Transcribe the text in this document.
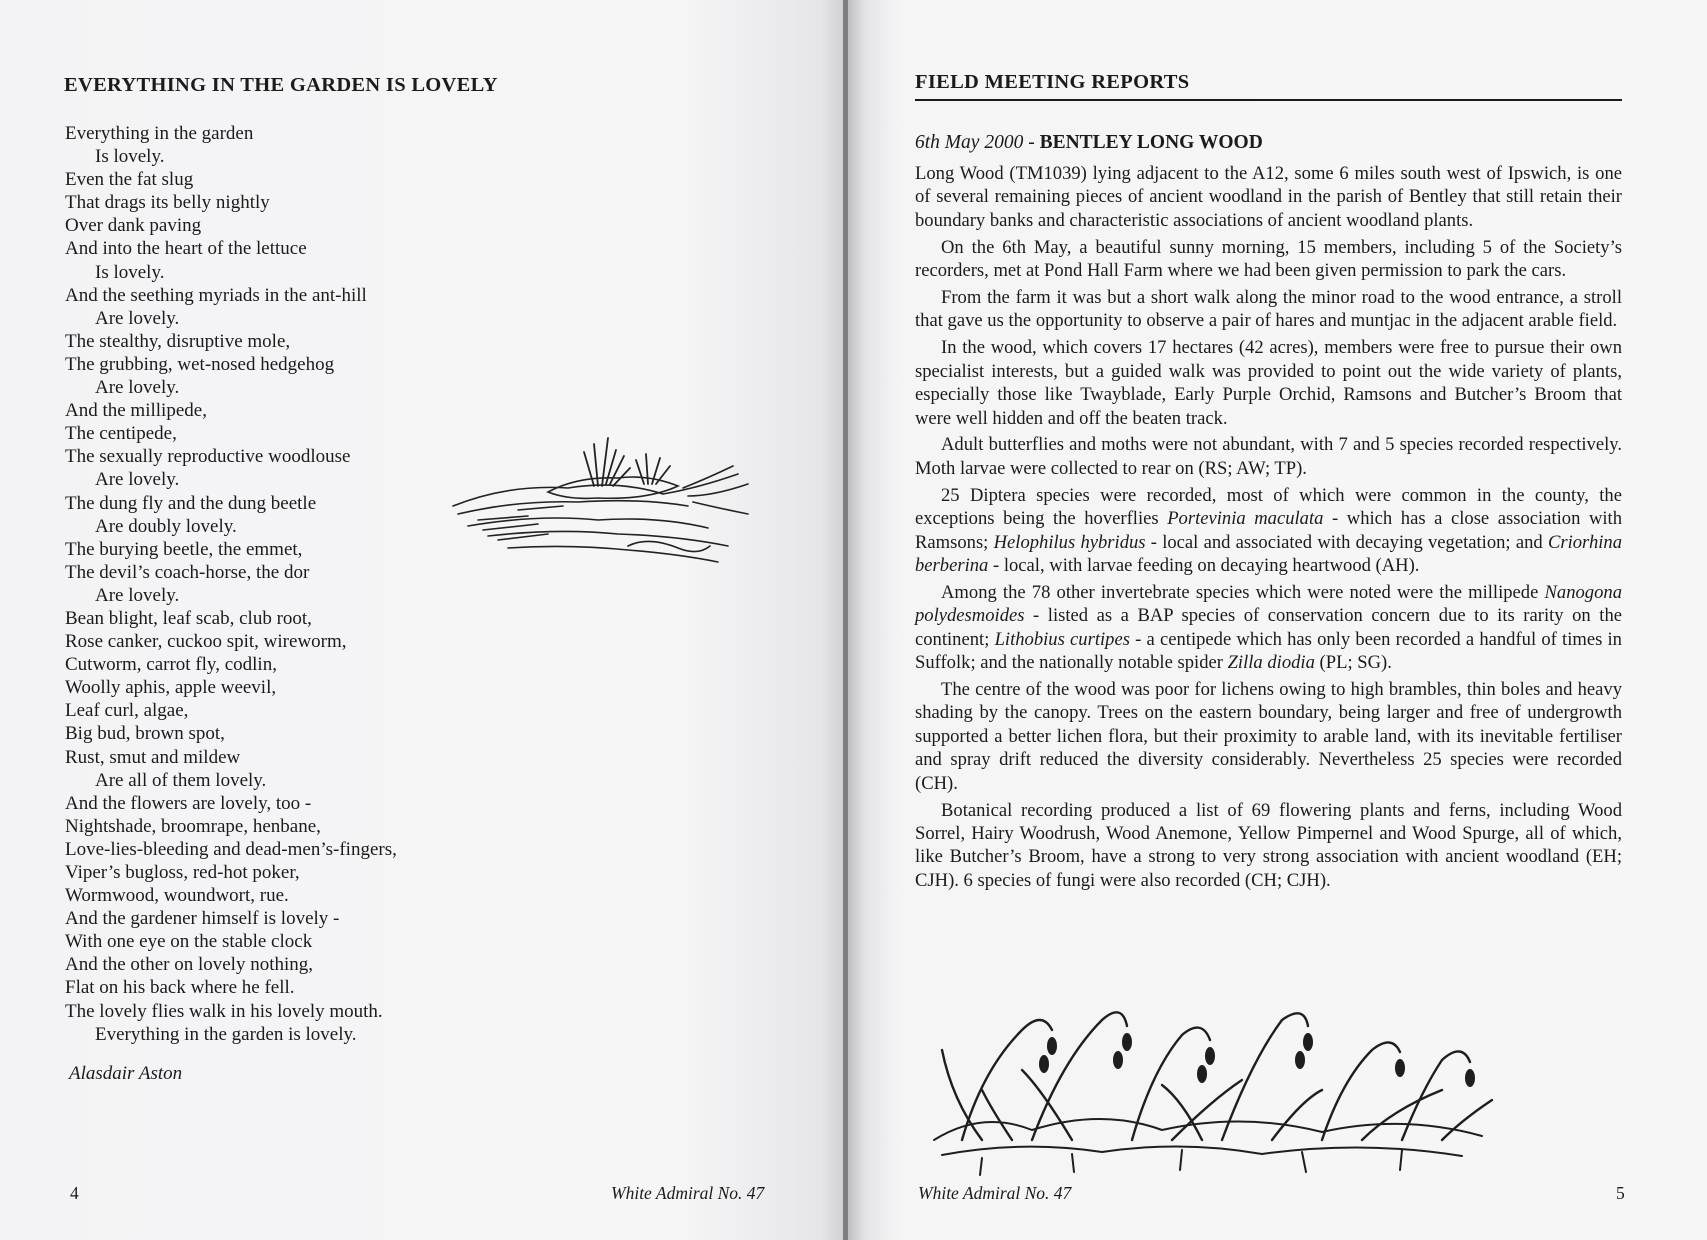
EVERYTHING IN THE GARDEN IS LOVELY
Everything in the garden
Is lovely.
Even the fat slug
That drags its belly nightly
Over dank paving
And into the heart of the lettuce
Is lovely.
And the seething myriads in the ant-hill
Are lovely.
The stealthy, disruptive mole,
The grubbing, wet-nosed hedgehog
Are lovely.
And the millipede,
The centipede,
The sexually reproductive woodlouse
Are lovely.
The dung fly and the dung beetle
Are doubly lovely.
The burying beetle, the emmet,
The devil’s coach-horse, the dor
Are lovely.
Bean blight, leaf scab, club root,
Rose canker, cuckoo spit, wireworm,
Cutworm, carrot fly, codlin,
Woolly aphis, apple weevil,
Leaf curl, algae,
Big bud, brown spot,
Rust, smut and mildew
Are all of them lovely.
And the flowers are lovely, too -
Nightshade, broomrape, henbane,
Love-lies-bleeding and dead-men’s-fingers,
Viper’s bugloss, red-hot poker,
Wormwood, woundwort, rue.
And the gardener himself is lovely -
With one eye on the stable clock
And the other on lovely nothing,
Flat on his back where he fell.
The lovely flies walk in his lovely mouth.
Everything in the garden is lovely.
Alasdair Aston
4	White Admiral No. 47
FIELD MEETING REPORTS
6th May 2000 - BENTLEY LONG WOOD

Long Wood (TM1039) lying adjacent to the A12, some 6 miles south west of Ipswich, is one of several remaining pieces of ancient woodland in the parish of Bentley that still retain their boundary banks and characteristic associations of ancient woodland plants.

On the 6th May, a beautiful sunny morning, 15 members, including 5 of the Society’s recorders, met at Pond Hall Farm where we had been given permission to park the cars.

From the farm it was but a short walk along the minor road to the wood entrance, a stroll that gave us the opportunity to observe a pair of hares and muntjac in the adjacent arable field.

In the wood, which covers 17 hectares (42 acres), members were free to pursue their own specialist interests, but a guided walk was provided to point out the wide variety of plants, especially those like Twayblade, Early Purple Orchid, Ramsons and Butcher’s Broom that were well hidden and off the beaten track.

Adult butterflies and moths were not abundant, with 7 and 5 species recorded respectively. Moth larvae were collected to rear on (RS; AW; TP).

25 Diptera species were recorded, most of which were common in the county, the exceptions being the hoverflies Portevinia maculata - which has a close association with Ramsons; Helophilus hybridus - local and associated with decaying vegetation; and Criorhina berberina - local, with larvae feeding on decaying heartwood (AH).

Among the 78 other invertebrate species which were noted were the millipede Nanogona polydesmoides - listed as a BAP species of conservation concern due to its rarity on the continent; Lithobius curtipes - a centipede which has only been recorded a handful of times in Suffolk; and the nationally notable spider Zilla diodia (PL; SG).

The centre of the wood was poor for lichens owing to high brambles, thin boles and heavy shading by the canopy. Trees on the eastern boundary, being larger and free of undergrowth supported a better lichen flora, but their proximity to arable land, with its inevitable fertiliser and spray drift reduced the diversity considerably. Nevertheless 25 species were recorded (CH).

Botanical recording produced a list of 69 flowering plants and ferns, including Wood Sorrel, Hairy Woodrush, Wood Anemone, Yellow Pimpernel and Wood Spurge, all of which, like Butcher’s Broom, have a strong to very strong association with ancient woodland (EH; CJH). 6 species of fungi were also recorded (CH; CJH).

White Admiral No. 47	5
